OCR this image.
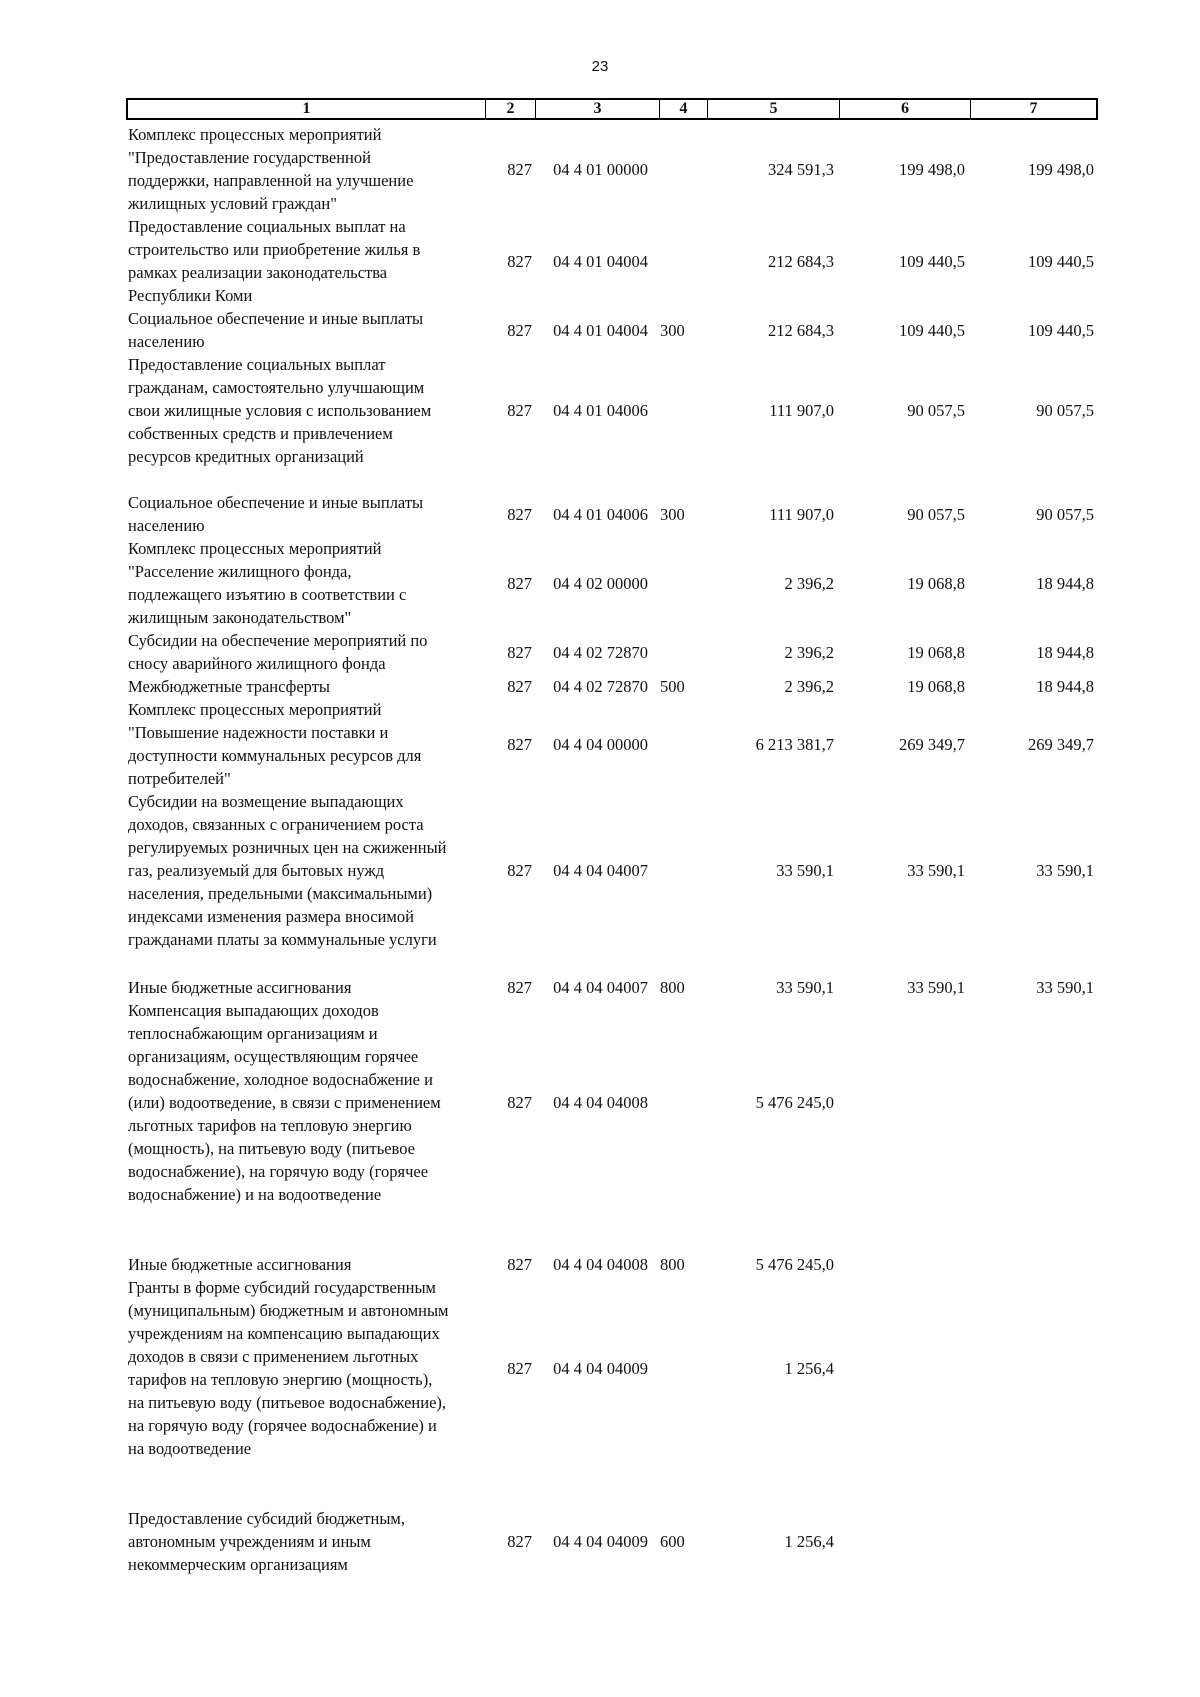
23
1	2	3	4	5	6	7
Комплекс процессных мероприятий
"Предоставление государственной
поддержки, направленной на улучшение
жилищных условий граждан"
827	04 4 01 00000	324 591,3	199 498,0	199 498,0
Предоставление социальных выплат на
строительство или приобретение жилья в
рамках реализации законодательства
Республики Коми
827	04 4 01 04004	212 684,3	109 440,5	109 440,5
Социальное обеспечение и иные выплаты
населению
827	04 4 01 04004 300	212 684,3	109 440,5	109 440,5
Предоставление социальных выплат
гражданам, самостоятельно улучшающим
свои жилищные условия с использованием
собственных средств и привлечением
ресурсов кредитных организаций
827	04 4 01 04006	111 907,0	90 057,5	90 057,5
Социальное обеспечение и иные выплаты
населению
827	04 4 01 04006 300	111 907,0	90 057,5	90 057,5
Комплекс процессных мероприятий
"Расселение жилищного фонда,
подлежащего изъятию в соответствии с
жилищным законодательством"
827	04 4 02 00000	2 396,2	19 068,8	18 944,8
Субсидии на обеспечение мероприятий по
сносу аварийного жилищного фонда
827	04 4 02 72870	2 396,2	19 068,8	18 944,8
Межбюджетные трансферты	827	04 4 02 72870 500	2 396,2	19 068,8	18 944,8
Комплекс процессных мероприятий
"Повышение надежности поставки и
доступности коммунальных ресурсов для
потребителей"
827	04 4 04 00000	6 213 381,7	269 349,7	269 349,7
Субсидии на возмещение выпадающих
доходов, связанных с ограничением роста
регулируемых розничных цен на сжиженный
газ, реализуемый для бытовых нужд
населения, предельными (максимальными)
индексами изменения размера вносимой
гражданами платы за коммунальные услуги
827	04 4 04 04007	33 590,1	33 590,1	33 590,1
Иные бюджетные ассигнования	827	04 4 04 04007 800	33 590,1	33 590,1	33 590,1
Компенсация выпадающих доходов
теплоснабжающим организациям и
организациям, осуществляющим горячее
водоснабжение, холодное водоснабжение и
(или) водоотведение, в связи с применением
льготных тарифов на тепловую энергию
(мощность), на питьевую воду (питьевое
водоснабжение), на горячую воду (горячее
водоснабжение) и на водоотведение
827	04 4 04 04008	5 476 245,0
Иные бюджетные ассигнования	827	04 4 04 04008 800	5 476 245,0
Гранты в форме субсидий государственным
(муниципальным) бюджетным и автономным
учреждениям на компенсацию выпадающих
доходов в связи с применением льготных
тарифов на тепловую энергию (мощность),
на питьевую воду (питьевое водоснабжение),
на горячую воду (горячее водоснабжение) и
на водоотведение
827	04 4 04 04009	1 256,4
Предоставление субсидий бюджетным,
автономным учреждениям и иным
некоммерческим организациям
827	04 4 04 04009 600	1 256,4
